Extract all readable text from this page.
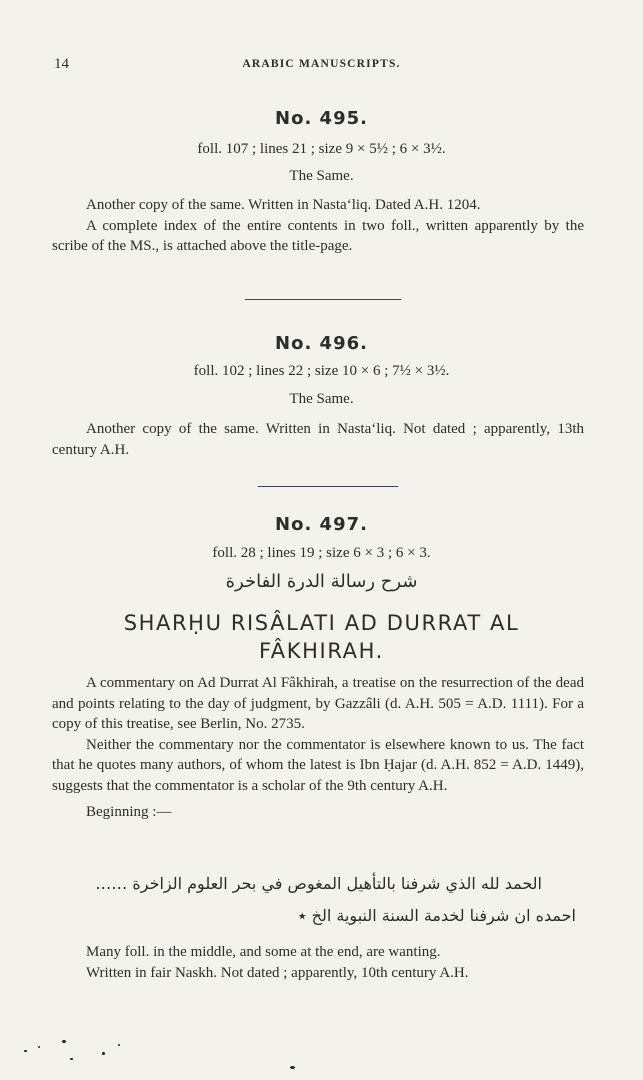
14	ARABIC MANUSCRIPTS.
No. 495.
foll. 107 ; lines 21 ; size 9 × 5½ ; 6 × 3½.
The Same.

Another copy of the same. Written in Nasta‘liq. Dated A.H. 1204.

A complete index of the entire contents in two foll., written apparently by the scribe of the MS., is attached above the title-page.

No. 496.
foll. 102 ; lines 22 ; size 10 × 6 ; 7½ × 3½.
The Same.

Another copy of the same. Written in Nasta‘liq. Not dated ; apparently, 13th century A.H.

No. 497.
foll. 28 ; lines 19 ; size 6 × 3 ; 6 × 3.
شرح رسالة الدرة الفاخرة
SHARḤU RISÂLATI AD DURRAT AL
FÂKHIRAH.

A commentary on Ad Durrat Al Fâkhirah, a treatise on the resurrection of the dead and points relating to the day of judgment, by Gazzâli (d. A.H. 505 = A.D. 1111). For a copy of this treatise, see Berlin, No. 2735.

Neither the commentary nor the commentator is elsewhere known to us. The fact that he quotes many authors, of whom the latest is Ibn Ḥajar (d. A.H. 852 = A.D. 1449), suggests that the commentator is a scholar of the 9th century A.H.

Beginning :—

الحمد لله الذي شرفنا بالتأهيل المغوص في بحر العلوم الزاخرة ……
احمده ان شرفنا لخدمة السنة النبوية الخ ٭

Many foll. in the middle, and some at the end, are wanting.

Written in fair Naskh. Not dated ; apparently, 10th century A.H.
